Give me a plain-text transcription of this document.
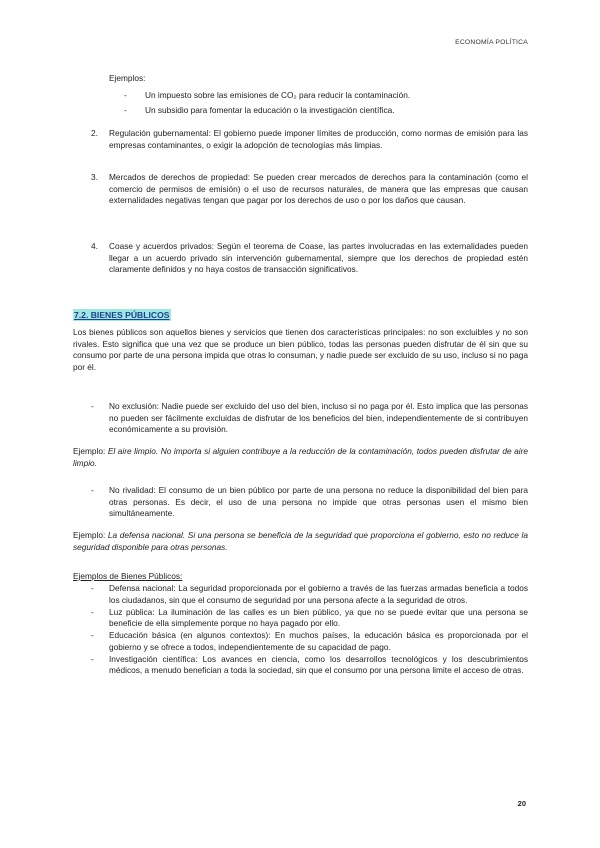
ECONOMÍA POLÍTICA
Ejemplos:
- Un impuesto sobre las emisiones de CO₂ para reducir la contaminación.
- Un subsidio para fomentar la educación o la investigación científica.
2. Regulación gubernamental: El gobierno puede imponer límites de producción, como normas de emisión para las empresas contaminantes, o exigir la adopción de tecnologías más limpias.
3. Mercados de derechos de propiedad: Se pueden crear mercados de derechos para la contaminación (como el comercio de permisos de emisión) o el uso de recursos naturales, de manera que las empresas que causan externalidades negativas tengan que pagar por los derechos de uso o por los daños que causan.
4. Coase y acuerdos privados: Según el teorema de Coase, las partes involucradas en las externalidades pueden llegar a un acuerdo privado sin intervención gubernamental, siempre que los derechos de propiedad estén claramente definidos y no haya costos de transacción significativos.
7.2. BIENES PÚBLICOS
Los bienes públicos son aquellos bienes y servicios que tienen dos características principales: no son excluibles y no son rivales. Esto significa que una vez que se produce un bien público, todas las personas pueden disfrutar de él sin que su consumo por parte de una persona impida que otras lo consuman, y nadie puede ser excluido de su uso, incluso si no paga por él.
- No exclusión: Nadie puede ser excluido del uso del bien, incluso si no paga por él. Esto implica que las personas no pueden ser fácilmente excluidas de disfrutar de los beneficios del bien, independientemente de si contribuyen económicamente a su provisión.
Ejemplo: El aire limpio. No importa si alguien contribuye a la reducción de la contaminación, todos pueden disfrutar de aire limpio.
- No rivalidad: El consumo de un bien público por parte de una persona no reduce la disponibilidad del bien para otras personas. Es decir, el uso de una persona no impide que otras personas usen el mismo bien simultáneamente.
Ejemplo: La defensa nacional. Si una persona se beneficia de la seguridad que proporciona el gobierno, esto no reduce la seguridad disponible para otras personas.
Ejemplos de Bienes Públicos:
- Defensa nacional: La seguridad proporcionada por el gobierno a través de las fuerzas armadas beneficia a todos los ciudadanos, sin que el consumo de seguridad por una persona afecte a la seguridad de otros.
- Luz pública: La iluminación de las calles es un bien público, ya que no se puede evitar que una persona se beneficie de ella simplemente porque no haya pagado por ello.
- Educación básica (en algunos contextos): En muchos países, la educación básica es proporcionada por el gobierno y se ofrece a todos, independientemente de su capacidad de pago.
- Investigación científica: Los avances en ciencia, como los desarrollos tecnológicos y los descubrimientos médicos, a menudo benefician a toda la sociedad, sin que el consumo por una persona limite el acceso de otras.
20
